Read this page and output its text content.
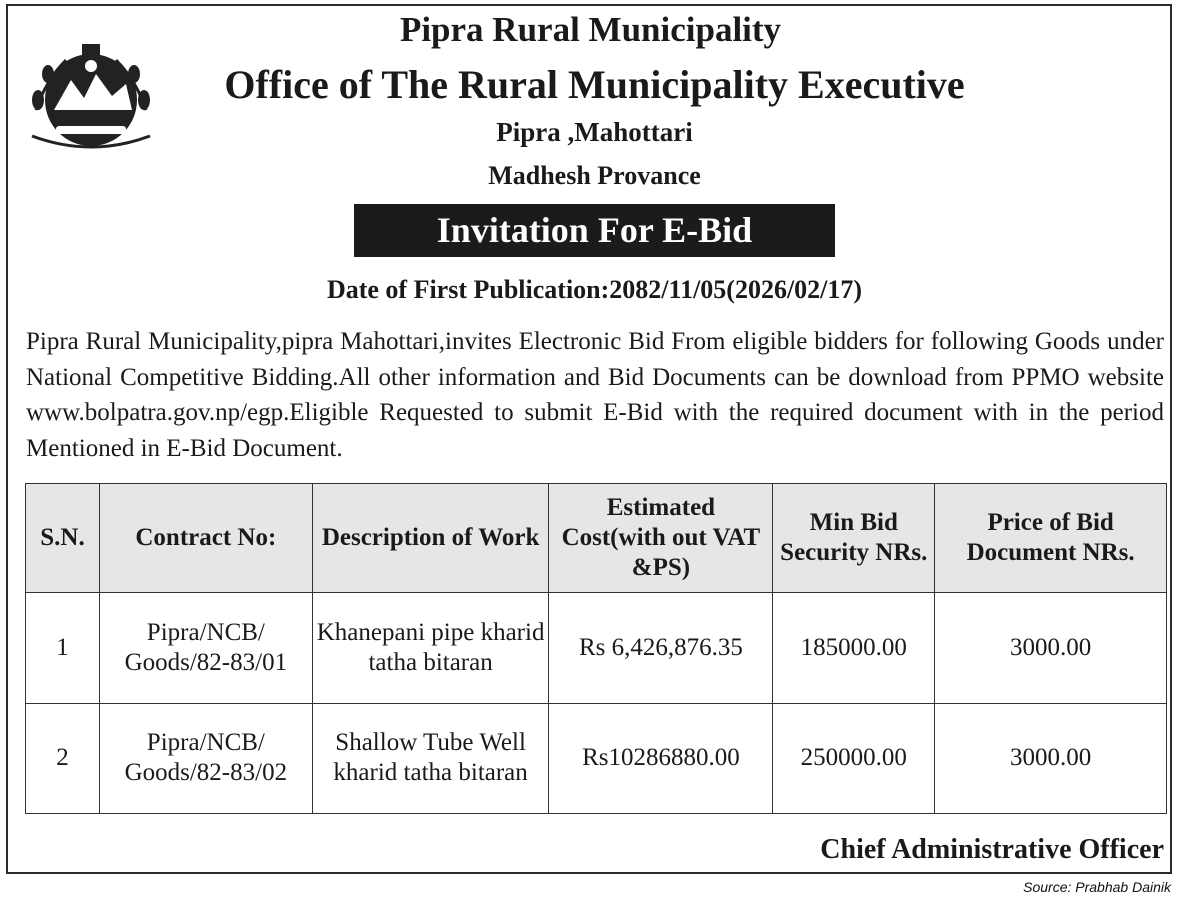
Pipra Rural Municipality
Office of The Rural Municipality Executive
Pipra ,Mahottari
Madhesh Provance
Invitation For E-Bid
Date of First Publication:2082/11/05(2026/02/17)
Pipra Rural Municipality,pipra Mahottari,invites Electronic Bid From eligible bidders for following Goods under National Competitive Bidding.All other information and Bid Documents can be download from PPMO website www.bolpatra.gov.np/egp.Eligible Requested to submit E-Bid with the required document with in the period Mentioned in E-Bid Document.
S.N.	Contract No:	Description of Work	Estimated Cost(with out VAT &PS)	Min Bid Security NRs.	Price of Bid Document NRs.
1	Pipra/NCB/ Goods/82-83/01	Khanepani pipe kharid tatha bitaran	Rs 6,426,876.35	185000.00	3000.00
2	Pipra/NCB/ Goods/82-83/02	Shallow Tube Well kharid tatha bitaran	Rs10286880.00	250000.00	3000.00
Chief Administrative Officer
Source: Prabhab Dainik
